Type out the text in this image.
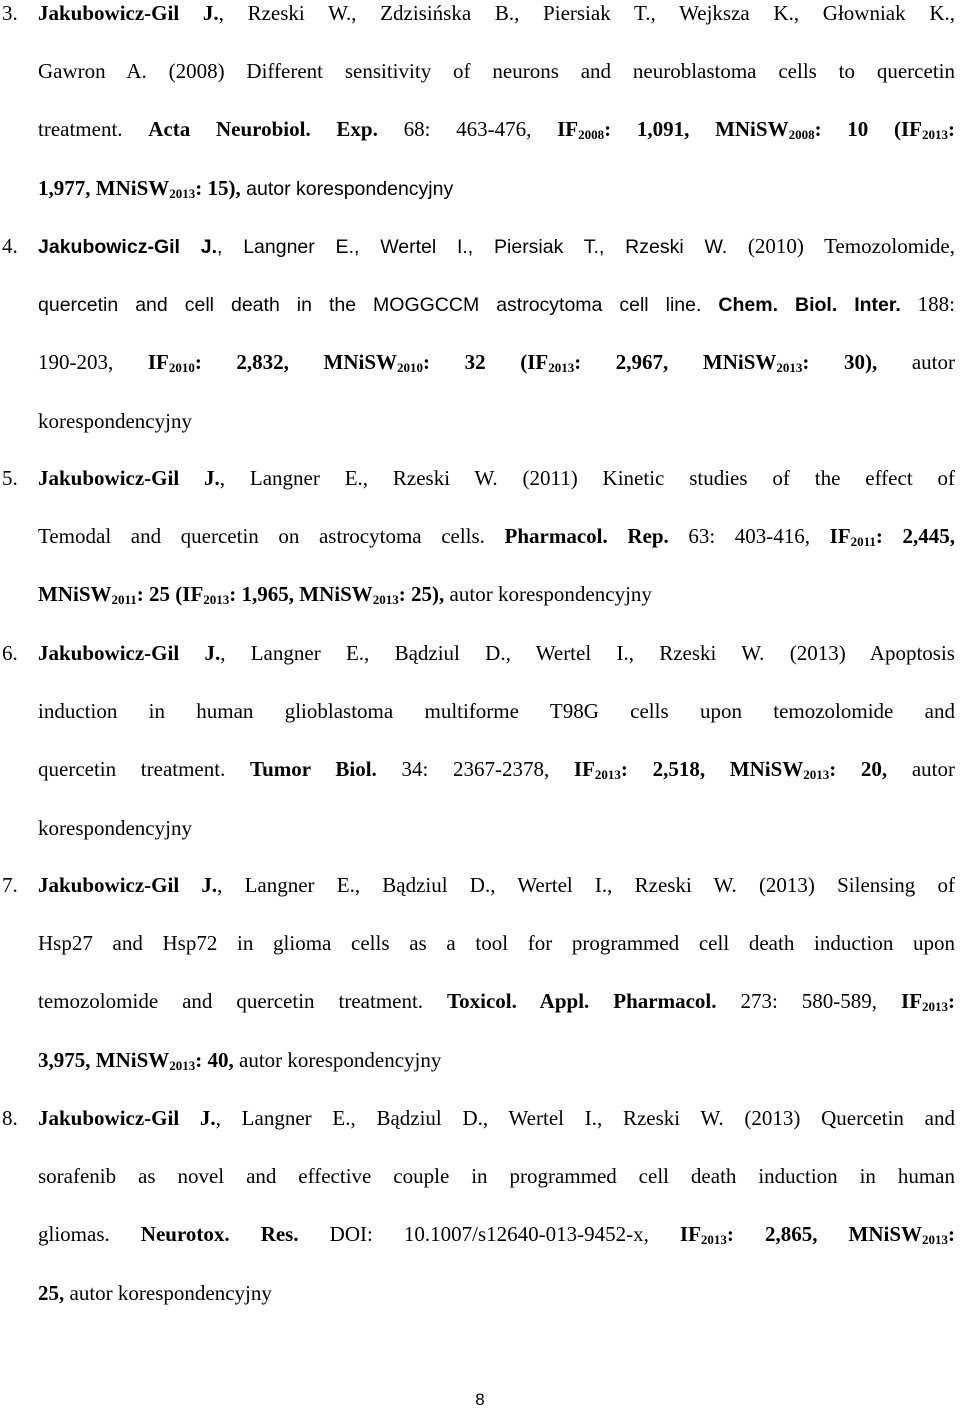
3. Jakubowicz-Gil J., Rzeski W., Zdzisińska B., Piersiak T., Wejksza K., Głowniak K.,
Gawron A. (2008) Different sensitivity of neurons and neuroblastoma cells to quercetin
treatment. Acta Neurobiol. Exp. 68: 463-476, $IF_{2008}$: 1,091, MNiSW$_{2008}$: 10 ($IF_{2013}$:
1,977, MNiSW$_{2013}$: 15), autor korespondencyjny
4. Jakubowicz-Gil J., Langner E., Wertel I., Piersiak T., Rzeski W. (2010) Temozolomide,
quercetin and cell death in the MOGGCCM astrocytoma cell line. Chem. Biol. Inter. 188:
190-203, $IF_{2010}$: 2,832, MNiSW$_{2010}$: 32 ($IF_{2013}$: 2,967, MNiSW$_{2013}$: 30), autor
korespondencyjny
5. Jakubowicz-Gil J., Langner E., Rzeski W. (2011) Kinetic studies of the effect of
Temodal and quercetin on astrocytoma cells. Pharmacol. Rep. 63: 403-416, $IF_{2011}$: 2,445,
MNiSW$_{2011}$: 25 ($IF_{2013}$: 1,965, MNiSW$_{2013}$: 25), autor korespondencyjny
6. Jakubowicz-Gil J., Langner E., Bądziul D., Wertel I., Rzeski W. (2013) Apoptosis
induction in human glioblastoma multiforme T98G cells upon temozolomide and
quercetin treatment. Tumor Biol. 34: 2367-2378, $IF_{2013}$: 2,518, MNiSW$_{2013}$: 20, autor
korespondencyjny
7. Jakubowicz-Gil J., Langner E., Bądziul D., Wertel I., Rzeski W. (2013) Silensing of
Hsp27 and Hsp72 in glioma cells as a tool for programmed cell death induction upon
temozolomide and quercetin treatment. Toxicol. Appl. Pharmacol. 273: 580-589, $IF_{2013}$:
3,975, MNiSW$_{2013}$: 40, autor korespondencyjny
8. Jakubowicz-Gil J., Langner E., Bądziul D., Wertel I., Rzeski W. (2013) Quercetin and
sorafenib as novel and effective couple in programmed cell death induction in human
gliomas. Neurotox. Res. DOI: 10.1007/s12640-013-9452-x, $IF_{2013}$: 2,865, MNiSW$_{2013}$:
25, autor korespondencyjny
8
